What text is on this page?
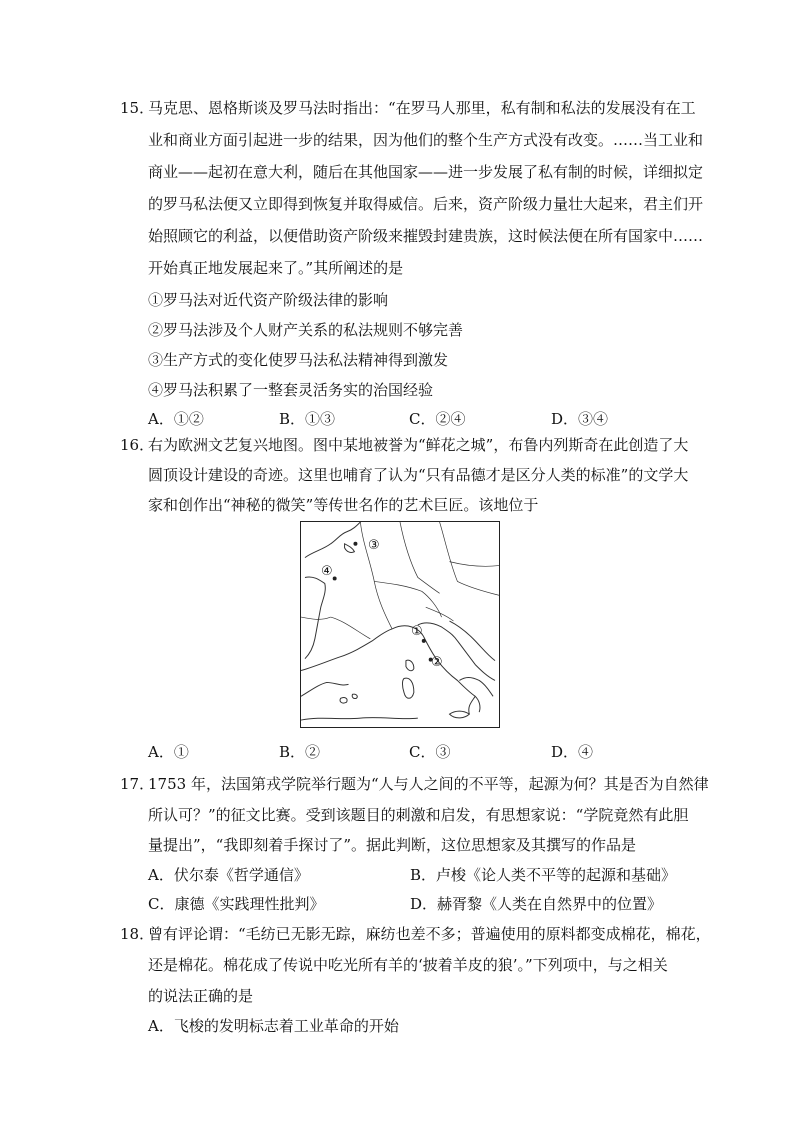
15．
马克思、恩格斯谈及罗马法时指出：“在罗马人那里，私有制和私法的发展没有在工
业和商业方面引起进一步的结果，因为他们的整个生产方式没有改变。……当工业和
商业——起初在意大利，随后在其他国家——进一步发展了私有制的时候，详细拟定
的罗马私法便又立即得到恢复并取得威信。后来，资产阶级力量壮大起来，君主们开
始照顾它的利益，以便借助资产阶级来摧毁封建贵族，这时候法便在所有国家中……
开始真正地发展起来了。”其所阐述的是
①罗马法对近代资产阶级法律的影响
②罗马法涉及个人财产关系的私法规则不够完善
③生产方式的变化使罗马法私法精神得到激发
④罗马法积累了一整套灵活务实的治国经验
A．①②	B．①③	C．②④	D．③④
16．
右为欧洲文艺复兴地图。图中某地被誉为“鲜花之城”，布鲁内列斯奇在此创造了大
圆顶设计建设的奇迹。这里也哺育了认为“只有品德才是区分人类的标准”的文学大
家和创作出“神秘的微笑”等传世名作的艺术巨匠。该地位于
③
④
①
②
A．①	B．②	C．③	D．④
17．
1753 年，法国第戎学院举行题为“人与人之间的不平等，起源为何？其是否为自然律
所认可？”的征文比赛。受到该题目的刺激和启发，有思想家说：“学院竟然有此胆
量提出”，“我即刻着手探讨了”。据此判断，这位思想家及其撰写的作品是
A．伏尔泰《哲学通信》	B．卢梭《论人类不平等的起源和基础》
C．康德《实践理性批判》	D．赫胥黎《人类在自然界中的位置》
18．
曾有评论谓：“毛纺已无影无踪，麻纺也差不多；普遍使用的原料都变成棉花，棉花，
还是棉花。棉花成了传说中吃光所有羊的‘披着羊皮的狼’。”下列项中，与之相关
的说法正确的是
A．飞梭的发明标志着工业革命的开始
